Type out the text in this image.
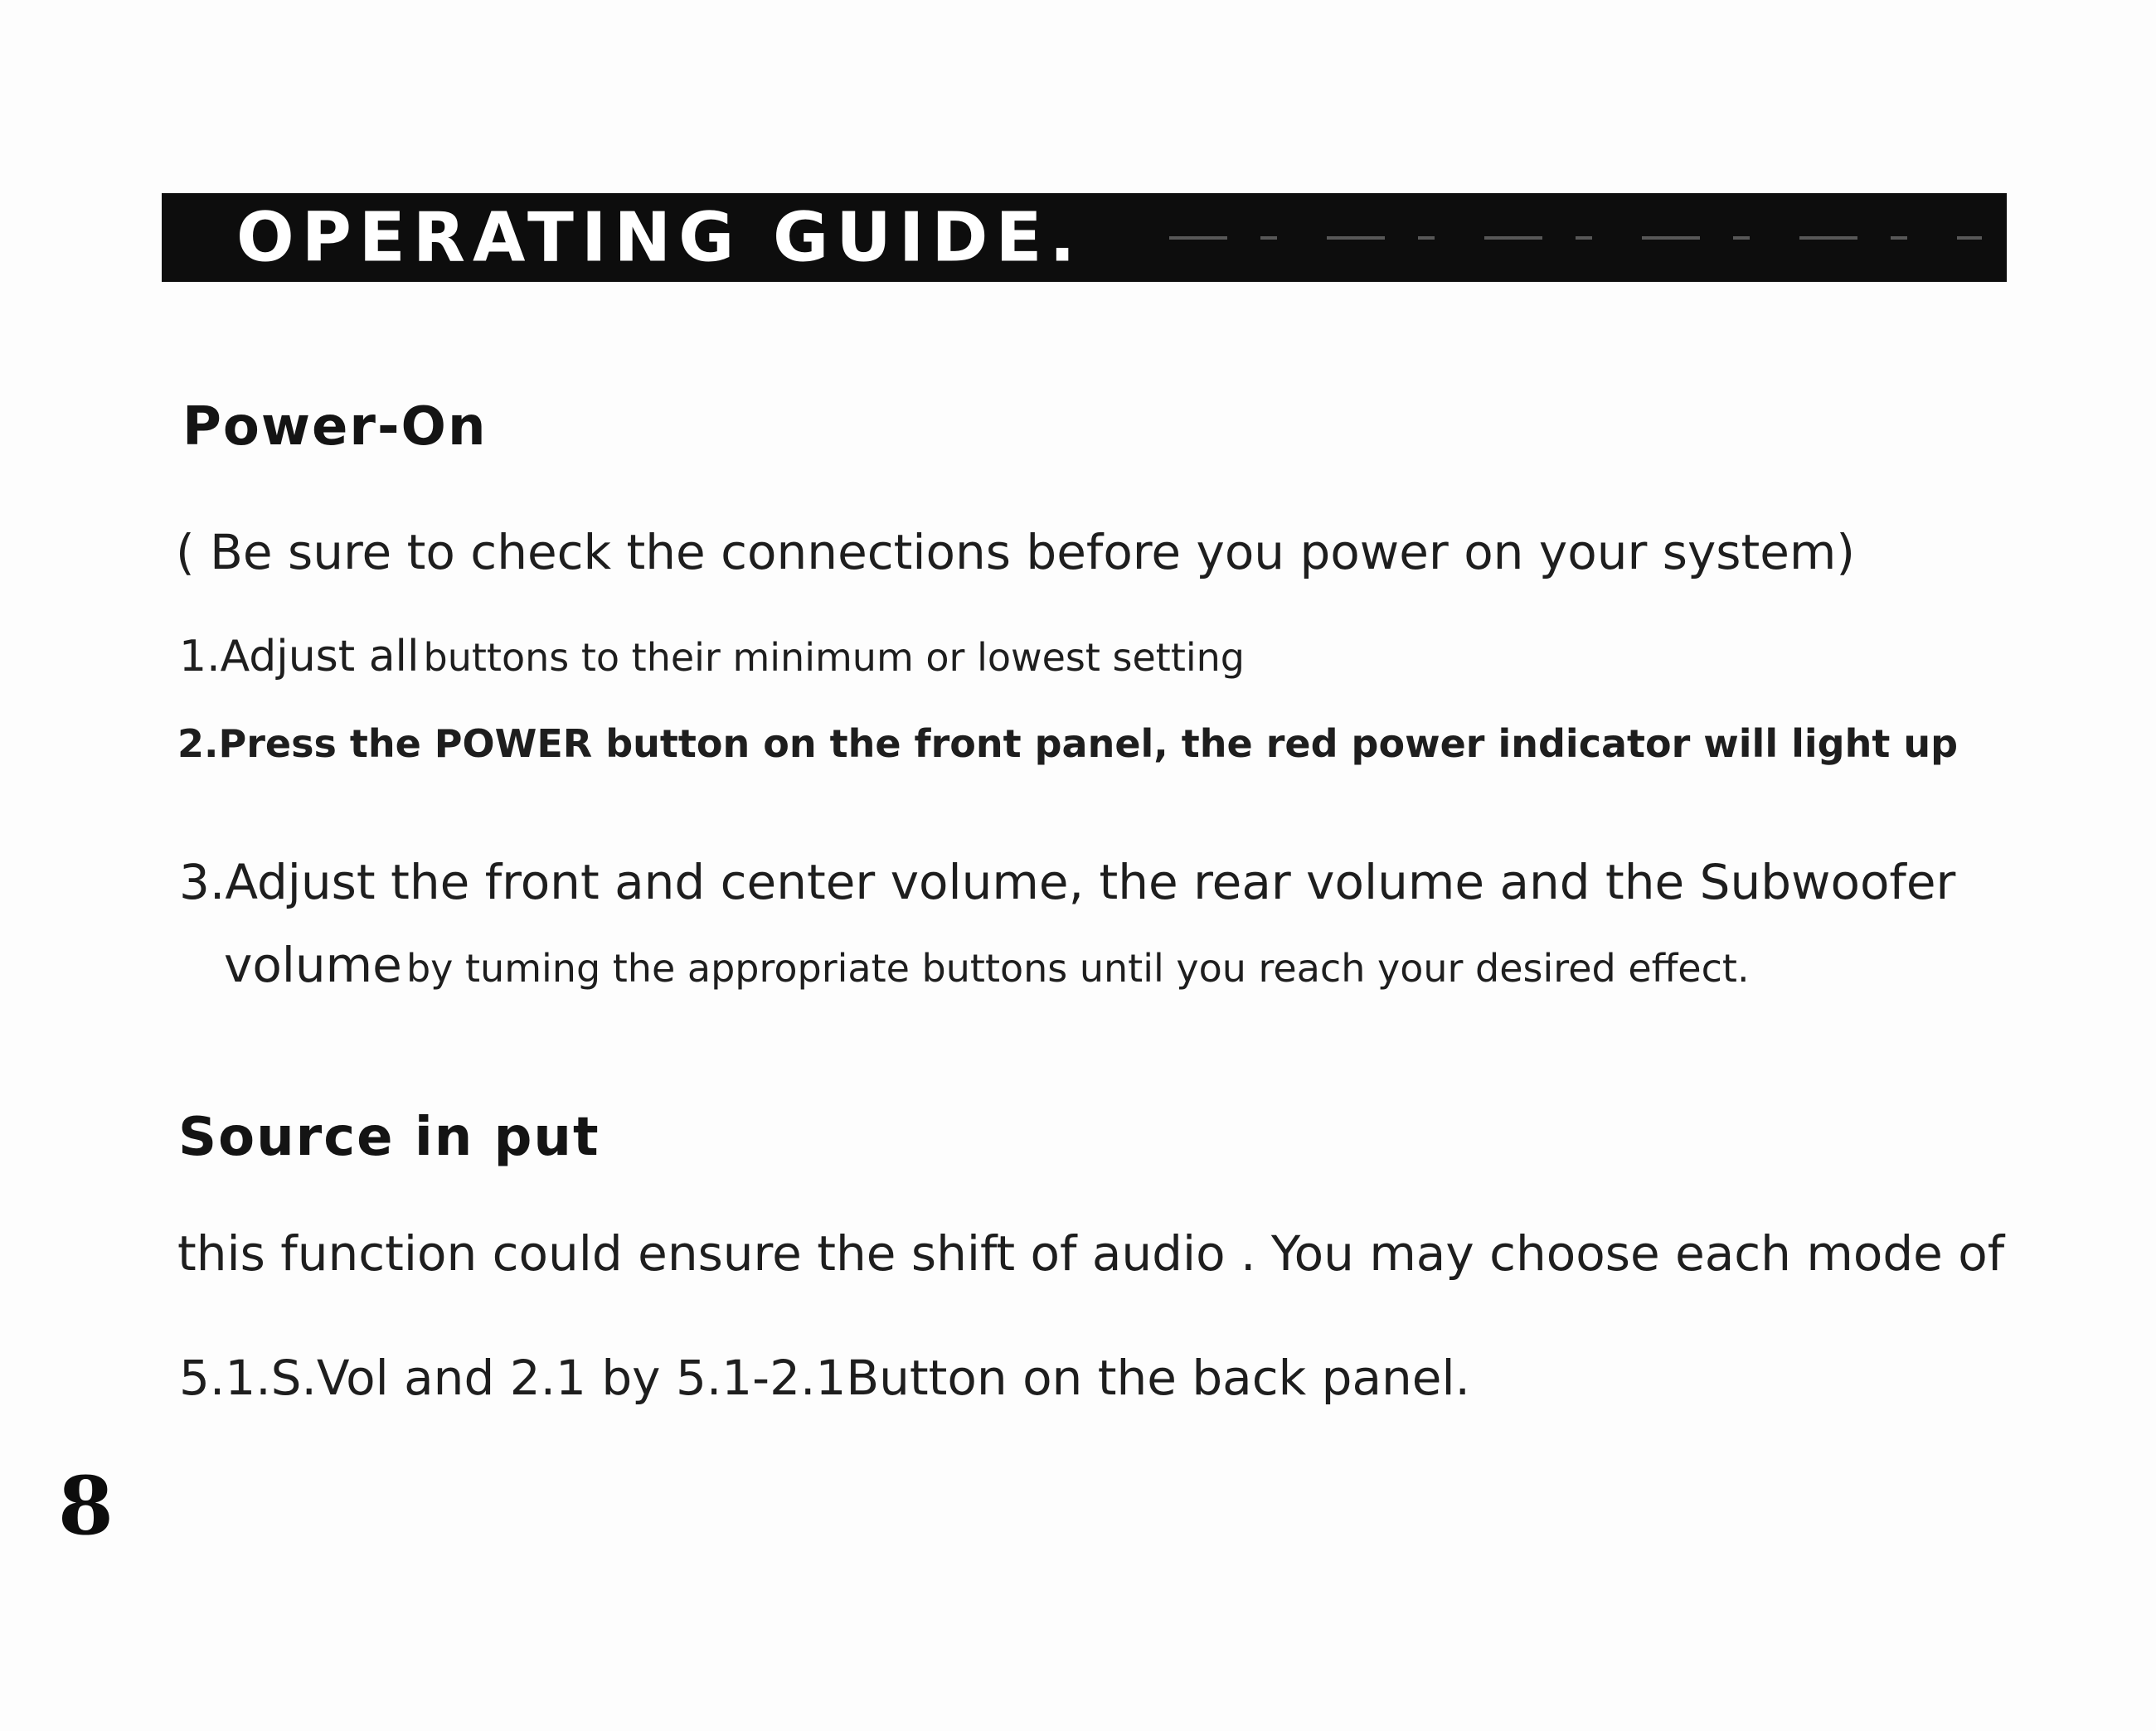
OPERATING GUIDE.
Power-On
( Be sure to check the connections before you power on your system)
1.Adjust all buttons to their minimum or lowest setting
2.Press the POWER button on the front panel, the red power indicator will light up
3.Adjust the front and center volume, the rear volume and the Subwoofer
volume by tuming the appropriate buttons until you reach your desired effect.
Source in put
this function could ensure the shift of audio . You may choose each mode of
5.1.S.Vol and 2.1 by 5.1-2.1Button on the back panel.
8
